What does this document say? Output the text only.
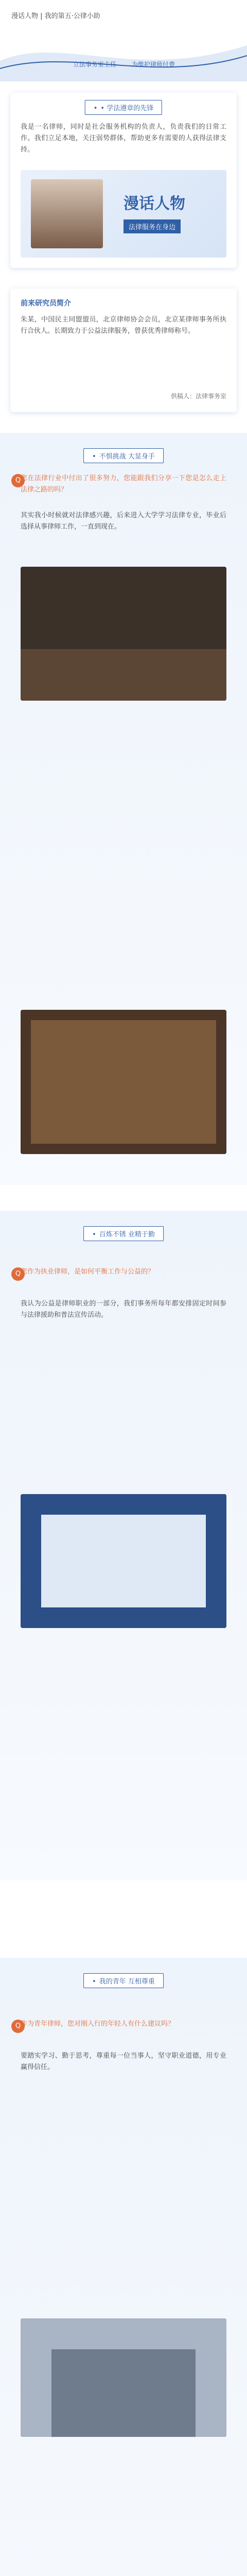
漫话人物 | 我的第五·公律小助
立法事务室主任 为维护律师付费
• • 学法遵章的先锋

我是一名律师，同时是社会服务机构的负责人，负责我们的日常工作。我们立足本地，关注弱势群体，帮助更多有需要的人获得法律支持。

漫话人物
法律服务在身边
前来研究员简介

朱某，中国民主同盟盟员，北京律师协会会员，北京某律师事务所执行合伙人。长期致力于公益法律服务，曾获优秀律师称号。

供稿人：法律事务室
• 不惧挑战 大显身手
Q 您在法律行业中付出了很多努力，您能跟我们分享一下您是怎么走上法律之路的吗？
其实我小时候就对法律感兴趣，后来进入大学学习法律专业，毕业后选择从事律师工作，一直到现在。
• 百炼不锈 业精于勤
Q 您作为执业律师，是如何平衡工作与公益的？
我认为公益是律师职业的一部分，我们事务所每年都安排固定时间参与法律援助和普法宣传活动。
• 我的青年 互相尊重
Q 作为青年律师，您对刚入行的年轻人有什么建议吗？
要踏实学习、勤于思考，尊重每一位当事人，坚守职业道德，用专业赢得信任。
